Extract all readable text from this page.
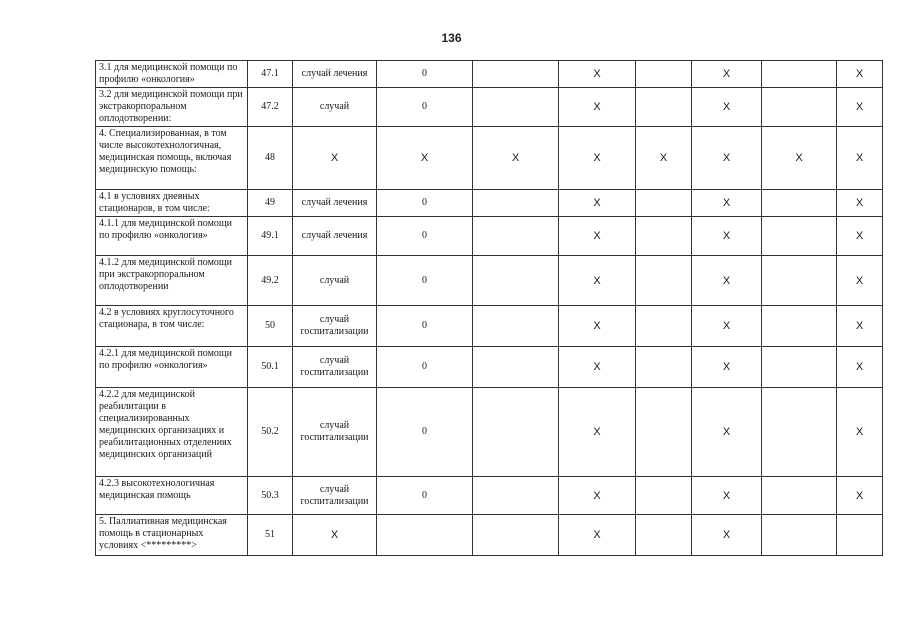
136
3.1 для медицинской помощи по профилю «онкология»	47.1	случай лечения	0		X		X		X
3.2 для медицинской помощи при экстракорпоральном оплодотворении:	47.2	случай	0		X		X		X
4. Специализированная, в том числе высокотехнологичная, медицинская помощь, включая медицинскую помощь:	48	X	X	X	X	X	X	X	X
4.1 в условиях дневных стационаров, в том числе:	49	случай лечения	0		X		X		X
4.1.1 для медицинской помощи по профилю «онкология»	49.1	случай лечения	0		X		X		X
4.1.2 для медицинской помощи при экстракорпоральном оплодотворении	49.2	случай	0		X		X		X
4.2 в условиях круглосуточного стационара, в том числе:	50	случай госпитализации	0		X		X		X
4.2.1 для медицинской помощи по профилю «онкология»	50.1	случай госпитализации	0		X		X		X
4.2.2 для медицинской реабилитации в специализированных медицинских организациях и реабилитационных отделениях медицинских организаций	50.2	случай госпитализации	0		X		X		X
4.2.3 высокотехнологичная медицинская помощь	50.3	случай госпитализации	0		X		X		X
5. Паллиативная медицинская помощь в стационарных условиях <*********>	51	X			X		X		
